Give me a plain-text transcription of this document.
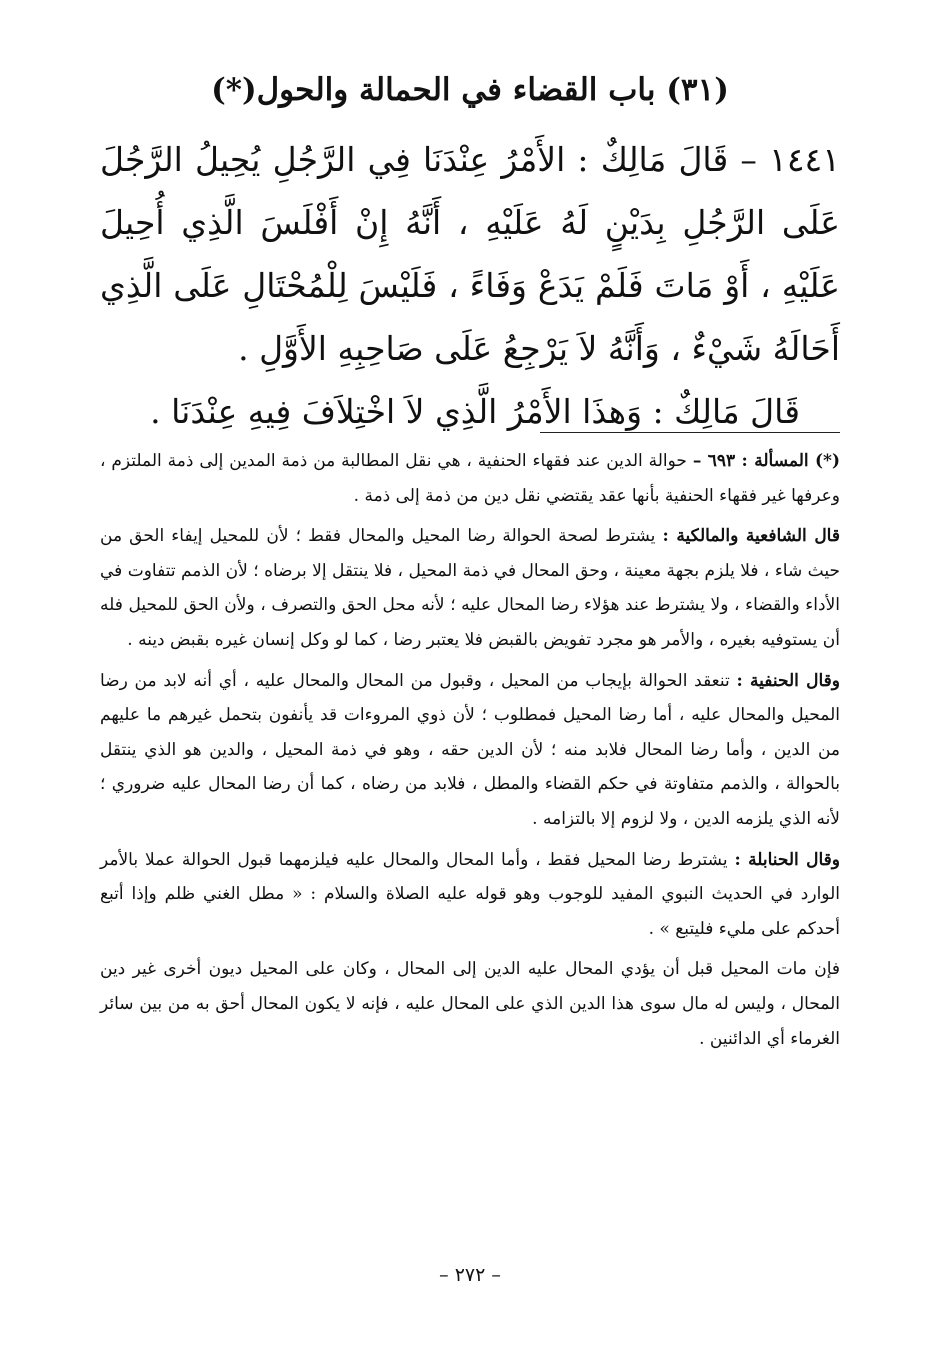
(٣١) باب القضاء في الحمالة والحول(*)

١٤٤١ – قَالَ مَالِكٌ : الأَمْرُ عِنْدَنَا فِي الرَّجُلِ يُحِيلُ الرَّجُلَ عَلَى الرَّجُلِ بِدَيْنٍ لَهُ عَلَيْهِ ، أَنَّهُ إِنْ أَفْلَسَ الَّذِي أُحِيلَ عَلَيْهِ ، أَوْ مَاتَ فَلَمْ يَدَعْ وَفَاءً ، فَلَيْسَ لِلْمُحْتَالِ عَلَى الَّذِي أَحَالَهُ شَيْءٌ ، وَأَنَّهُ لاَ يَرْجِعُ عَلَى صَاحِبِهِ الأَوَّلِ .

قَالَ مَالِكٌ : وَهذَا الأَمْرُ الَّذِي لاَ اخْتِلاَفَ فِيهِ عِنْدَنَا .

(*) المسألة : ٦٩٣ – حوالة الدين عند فقهاء الحنفية ، هي نقل المطالبة من ذمة المدين إلى ذمة الملتزم ، وعرفها غير فقهاء الحنفية بأنها عقد يقتضي نقل دين من ذمة إلى ذمة .

قال الشافعية والمالكية : يشترط لصحة الحوالة رضا المحيل والمحال فقط ؛ لأن للمحيل إيفاء الحق من حيث شاء ، فلا يلزم بجهة معينة ، وحق المحال في ذمة المحيل ، فلا ينتقل إلا برضاه ؛ لأن الذمم تتفاوت في الأداء والقضاء ، ولا يشترط عند هؤلاء رضا المحال عليه ؛ لأنه محل الحق والتصرف ، ولأن الحق للمحيل فله أن يستوفيه بغيره ، والأمر هو مجرد تفويض بالقبض فلا يعتبر رضا ، كما لو وكل إنسان غيره بقبض دينه .

وقال الحنفية : تنعقد الحوالة بإيجاب من المحيل ، وقبول من المحال والمحال عليه ، أي أنه لابد من رضا المحيل والمحال عليه ، أما رضا المحيل فمطلوب ؛ لأن ذوي المروءات قد يأنفون بتحمل غيرهم ما عليهم من الدين ، وأما رضا المحال فلابد منه ؛ لأن الدين حقه ، وهو في ذمة المحيل ، والدين هو الذي ينتقل بالحوالة ، والذمم متفاوتة في حكم القضاء والمطل ، فلابد من رضاه ، كما أن رضا المحال عليه ضروري ؛ لأنه الذي يلزمه الدين ، ولا لزوم إلا بالتزامه .

وقال الحنابلة : يشترط رضا المحيل فقط ، وأما المحال والمحال عليه فيلزمهما قبول الحوالة عملا بالأمر الوارد في الحديث النبوي المفيد للوجوب وهو قوله عليه الصلاة والسلام : « مطل الغني ظلم وإذا أتبع أحدكم على مليء فليتبع » .

فإن مات المحيل قبل أن يؤدي المحال عليه الدين إلى المحال ، وكان على المحيل ديون أخرى غير دين المحال ، وليس له مال سوى هذا الدين الذي على المحال عليه ، فإنه لا يكون المحال أحق به من بين سائر الغرماء أي الدائنين .

– ٢٧٢ –
